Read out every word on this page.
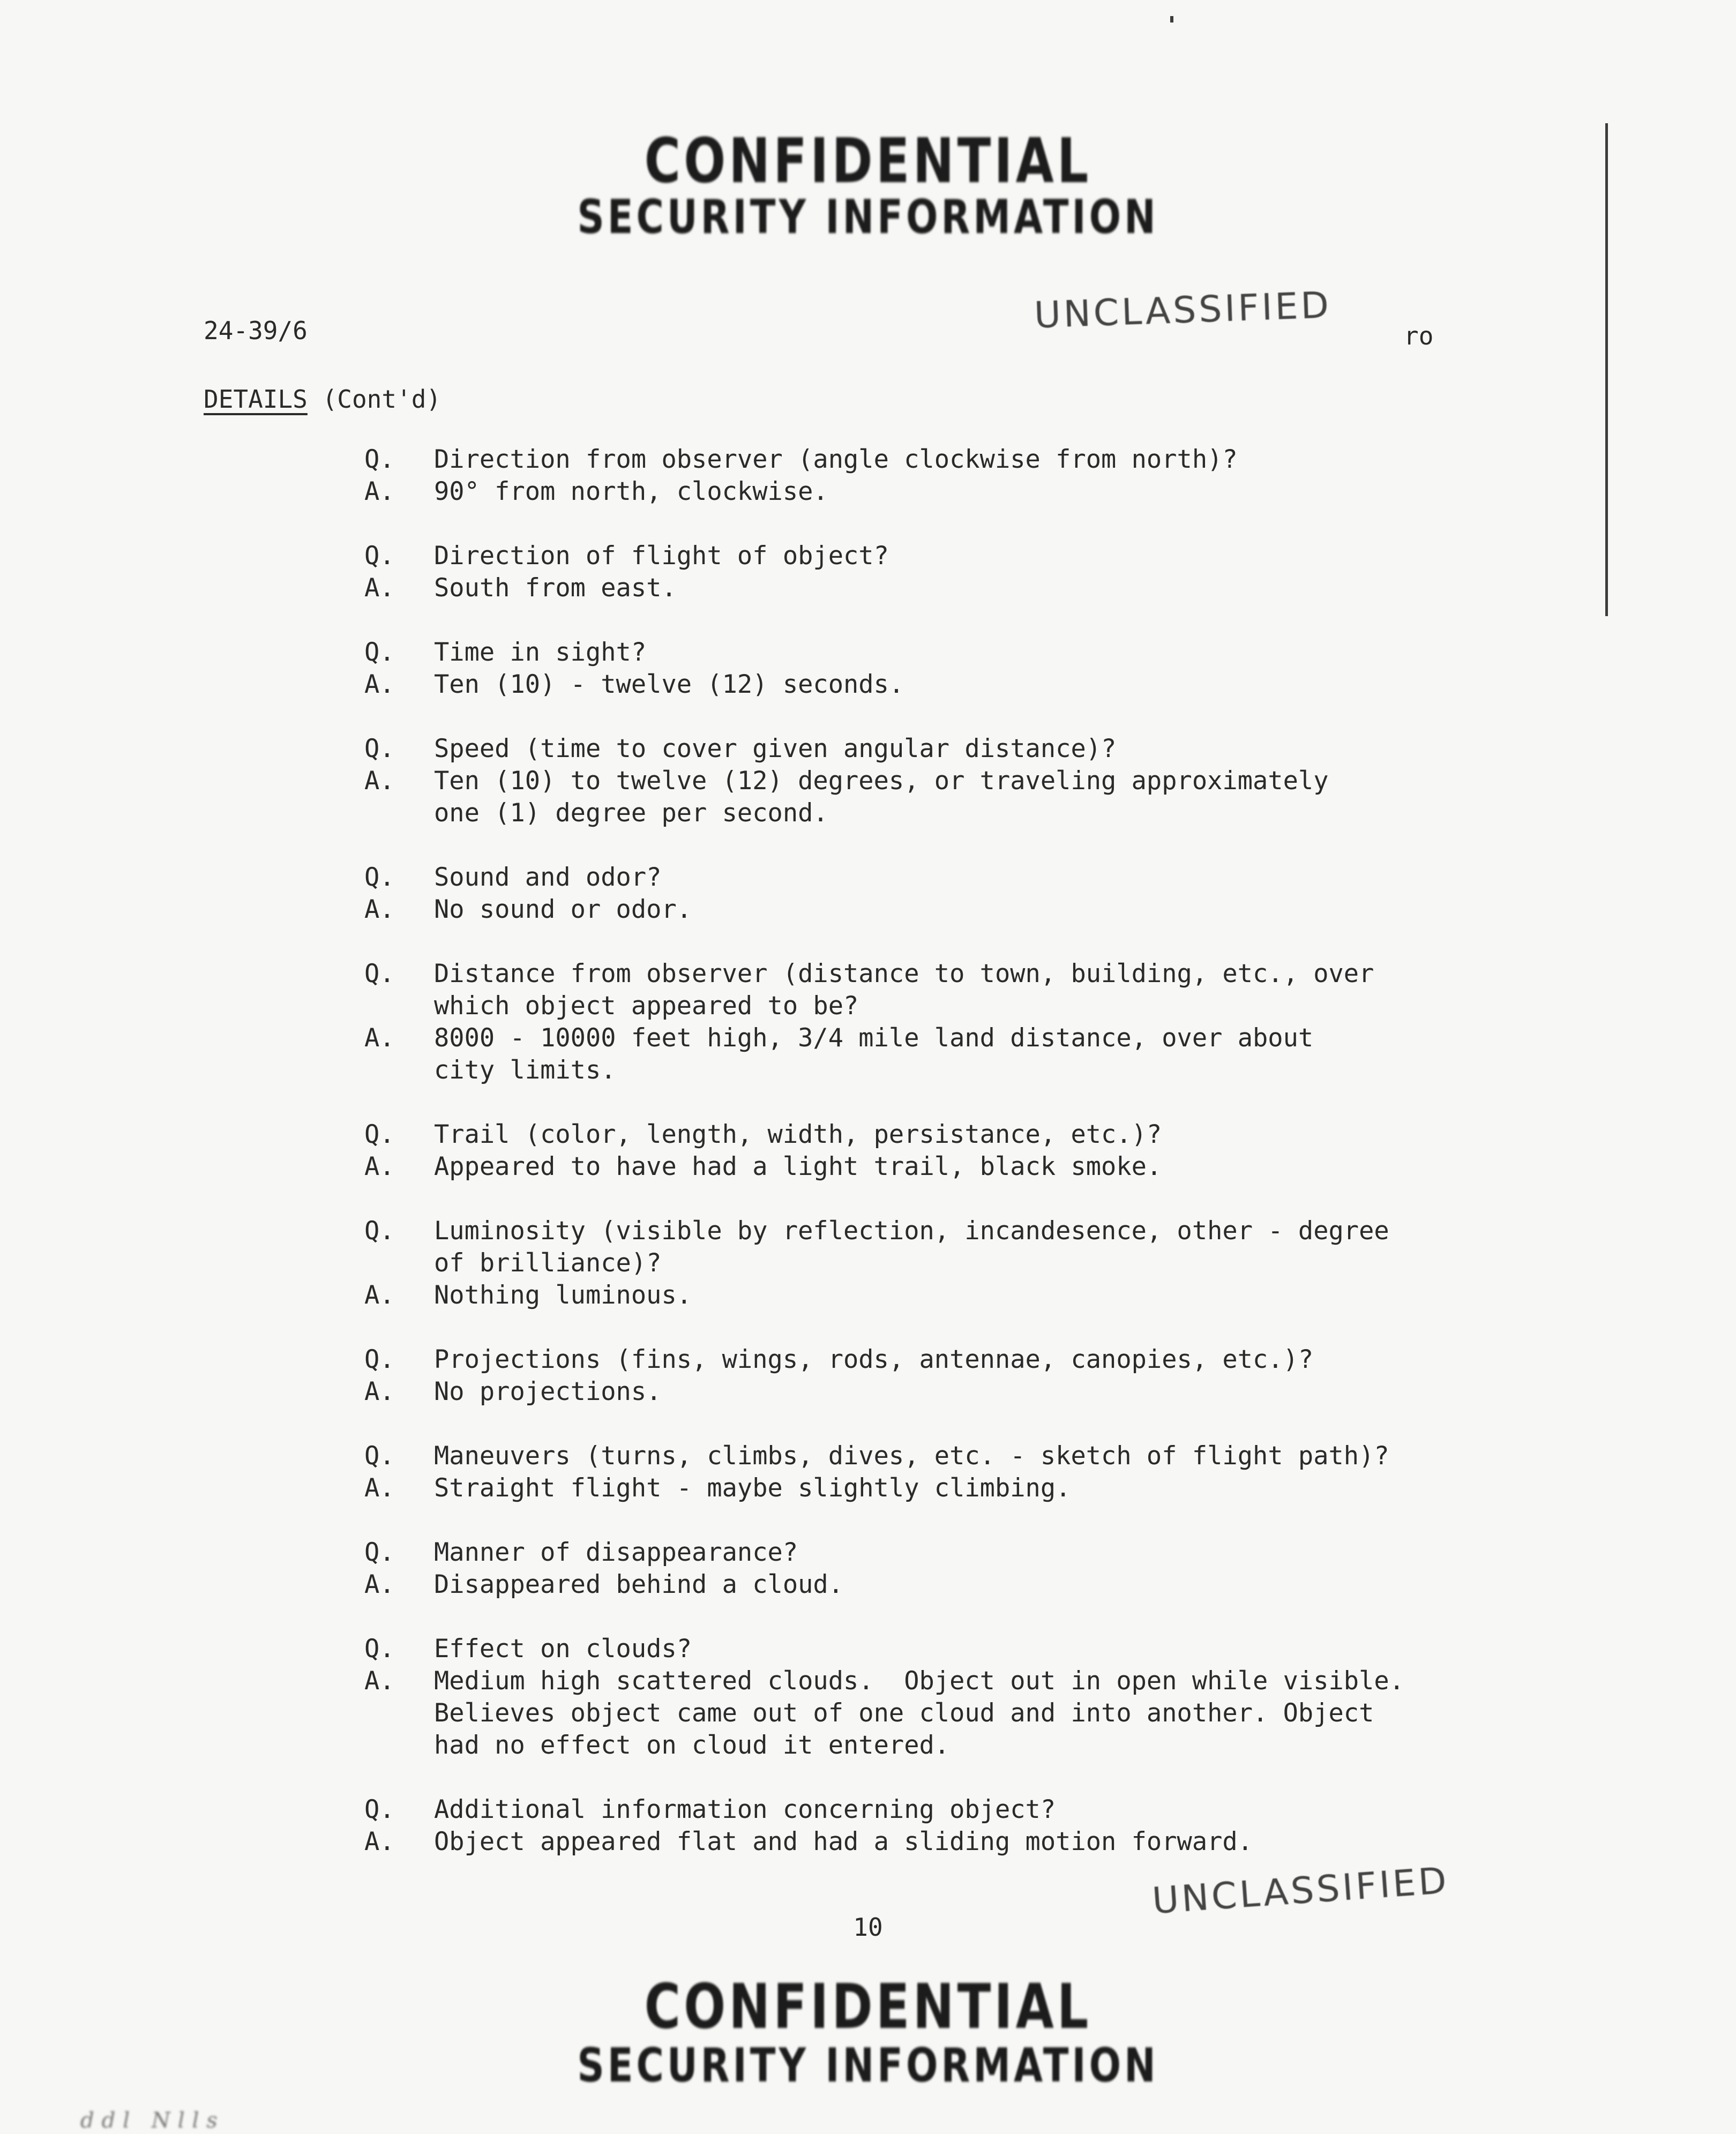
CONFIDENTIAL
SECURITY INFORMATION
UNCLASSIFIED
24-39/6	ro
DETAILS (Cont'd)
Q.	Direction from observer (angle clockwise from north)?
A.	90° from north, clockwise.
Q.	Direction of flight of object?
A.	South from east.
Q.	Time in sight?
A.	Ten (10) - twelve (12) seconds.
Q.	Speed (time to cover given angular distance)?
A.	Ten (10) to twelve (12) degrees, or traveling approximately
one (1) degree per second.
Q.	Sound and odor?
A.	No sound or odor.
Q.	Distance from observer (distance to town, building, etc., over
which object appeared to be?
A.	8000 - 10000 feet high, 3/4 mile land distance, over about
city limits.
Q.	Trail (color, length, width, persistance, etc.)?
A.	Appeared to have had a light trail, black smoke.
Q.	Luminosity (visible by reflection, incandesence, other - degree
of brilliance)?
A.	Nothing luminous.
Q.	Projections (fins, wings, rods, antennae, canopies, etc.)?
A.	No projections.
Q.	Maneuvers (turns, climbs, dives, etc. - sketch of flight path)?
A.	Straight flight - maybe slightly climbing.
Q.	Manner of disappearance?
A.	Disappeared behind a cloud.
Q.	Effect on clouds?
A.	Medium high scattered clouds.  Object out in open while visible.
Believes object came out of one cloud and into another. Object
had no effect on cloud it entered.
Q.	Additional information concerning object?
A.	Object appeared flat and had a sliding motion forward.
UNCLASSIFIED
10
CONFIDENTIAL
SECURITY INFORMATION
ddl Nlls
